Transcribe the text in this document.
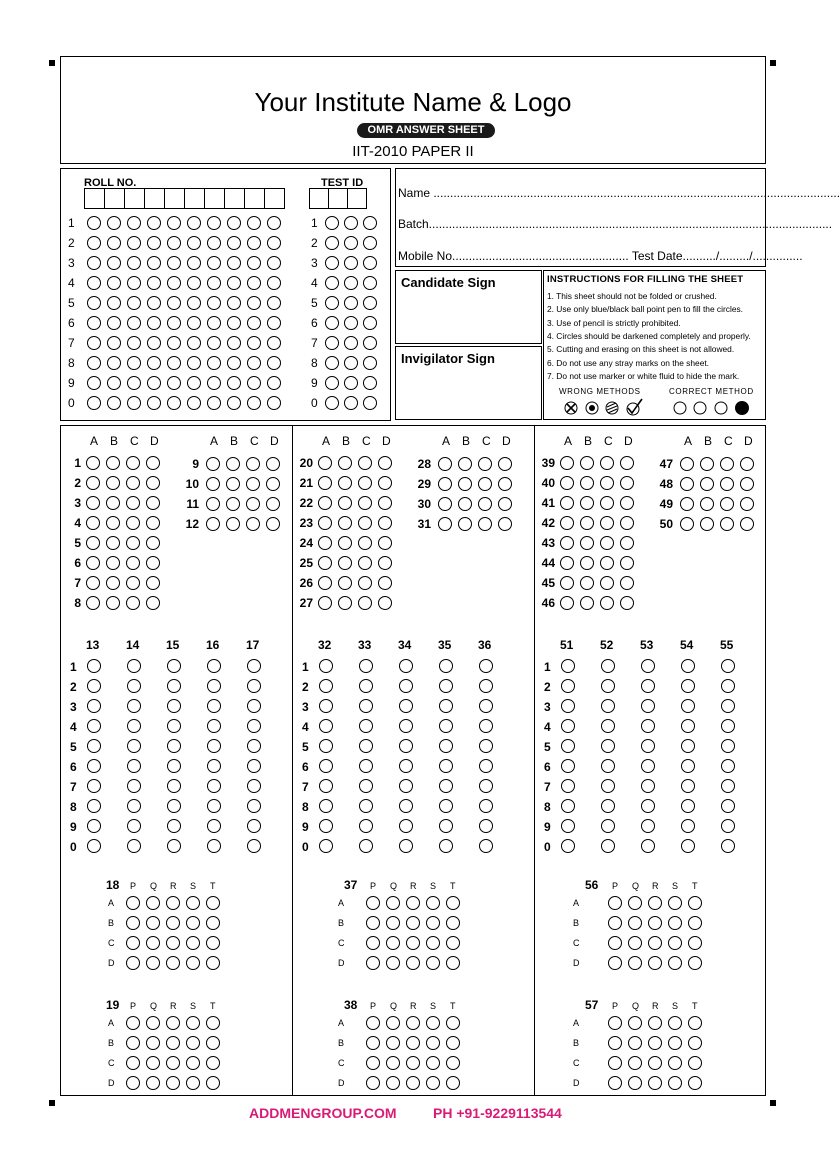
Your Institute Name & Logo
OMR ANSWER SHEET
IIT-2010 PAPER II
ROLL NO.	TEST ID
Name ..........................................................................................................................
Batch.........................................................................................................................
Mobile No..................................................... Test Date........../........./...............
Candidate Sign
Invigilator Sign
INSTRUCTIONS FOR FILLING THE SHEET
WRONG METHODS	CORRECT METHOD
ADDMENGROUP.COM	PH +91-9229113544
1	1
2	2
3	3
4	4
5	5
6	6
7	7
8	8
9	9
0	0
1. This sheet should not be folded or crushed.
2. Use only blue/black ball point pen to fill the circles.
3. Use of pencil is strictly prohibited.
4. Circles should be darkened completely and properly.
5. Cutting and erasing on this sheet is not allowed.
6. Do not use any stray marks on the sheet.
7. Do not use marker or white fluid to hide the mark.
A	A
B	B
C	C
D	D
1
2
3
4
5
6
7
8
9
10
11
12
13 14 15 16 17
1
2
3
4
5
6
7
8
9
0
18 P Q R S T
A
B
C
D
19 P Q R S T
A
B
C
D
A	A
B	B
C	C
D	D
20
21
22
23
24
25
26
27
28
29
30
31
32 33 34 35 36
1
2
3
4
5
6
7
8
9
0
37 P Q R S T
A
B
C
D
38 P Q R S T
A
B
C
D
A	A
B	B
C	C
D	D
39
40
41
42
43
44
45
46
47
48
49
50
51 52 53 54 55
1
2
3
4
5
6
7
8
9
0
56 P Q R S T
A
B
C
D
57 P Q R S T
A
B
C
D
